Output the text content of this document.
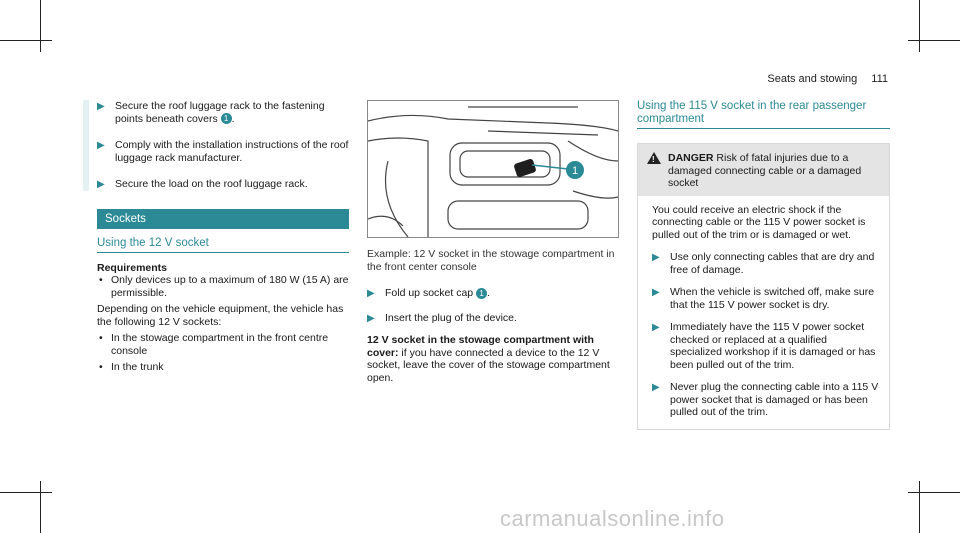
Seats and stowing 111
▶ Secure the roof luggage rack to the fastening points beneath covers 1 .
▶ Comply with the installation instructions of the roof luggage rack manufacturer.
▶ Secure the load on the roof luggage rack.
Sockets
Using the 12 V socket
Requirements
• Only devices up to a maximum of 180 W (15 A) are permissible.
Depending on the vehicle equipment, the vehicle has the following 12 V sockets:
• In the stowage compartment in the front centre console
• In the trunk
1
Example: 12 V socket in the stowage compartment in the front center console
▶ Fold up socket cap 1 .
▶ Insert the plug of the device.
12 V socket in the stowage compartment with cover: if you have connected a device to the 12 V socket, leave the cover of the stowage compartment open.
Using the 115 V socket in the rear passenger compartment
! DANGER Risk of fatal injuries due to a damaged connecting cable or a damaged socket
You could receive an electric shock if the connecting cable or the 115 V power socket is pulled out of the trim or is damaged or wet.
▶ Use only connecting cables that are dry and free of damage.
▶ When the vehicle is switched off, make sure that the 115 V power socket is dry.
▶ Immediately have the 115 V power socket checked or replaced at a qualified specialized workshop if it is damaged or has been pulled out of the trim.
▶ Never plug the connecting cable into a 115 V power socket that is damaged or has been pulled out of the trim.
carmanualsonline.info
